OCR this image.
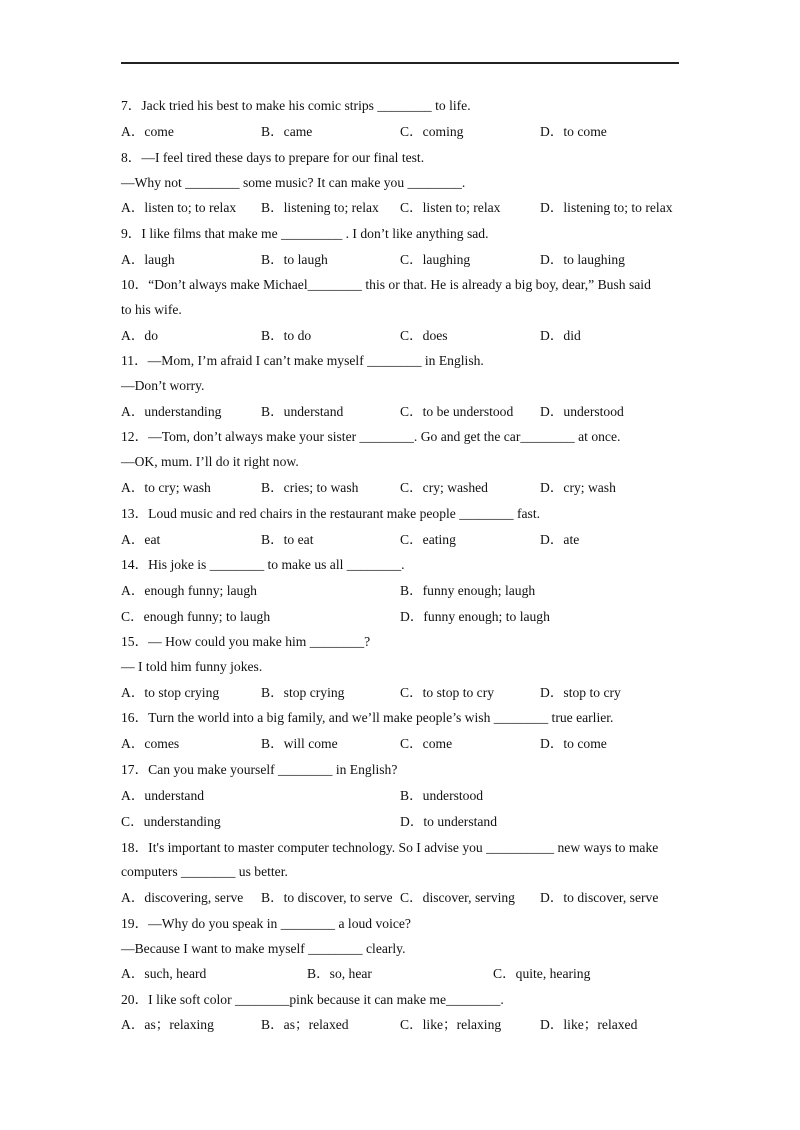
7．Jack tried his best to make his comic strips ________ to life.
A．come	B．came	C．coming	D．to come
8．—I feel tired these days to prepare for our final test.
—Why not ________ some music? It can make you ________.
A．listen to; to relax B．listening to; relax C．listen to; relax	D．listening to; to relax
9．I like films that make me _________ . I don’t like anything sad.
A．laugh	B．to laugh	C．laughing	D．to laughing
10．“Don’t always make Michael________ this or that. He is already a big boy, dear,” Bush said
to his wife.
A．do	B．to do	C．does	D．did
11．—Mom, I’m afraid I can’t make myself ________ in English.
—Don’t worry.
A．understanding	B．understand	C．to be understood D．understood
12．—Tom, don’t always make your sister ________. Go and get the car________ at once.
—OK, mum. I’ll do it right now.
A．to cry; wash	B．cries; to wash	C．cry; washed	D．cry; wash
13．Loud music and red chairs in the restaurant make people ________ fast.
A．eat	B．to eat	C．eating	D．ate
14．His joke is ________ to make us all ________.
A．enough funny; laugh	B．funny enough; laugh
C．enough funny; to laugh	D．funny enough; to laugh
15．— How could you make him ________?
— I told him funny jokes.
A．to stop crying	B．stop crying	C．to stop to cry	D．stop to cry
16．Turn the world into a big family, and we’ll make people’s wish ________ true earlier.
A．comes	B．will come	C．come	D．to come
17．Can you make yourself ________ in English?
A．understand	B．understood
C．understanding	D．to understand
18．It's important to master computer technology. So I advise you __________ new ways to make
computers ________ us better.
A．discovering, serve B．to discover, to serve C．discover, serving D．to discover, serve
19．—Why do you speak in ________ a loud voice?
—Because I want to make myself ________ clearly.
A．such, heard	B．so, hear	C．quite, hearing
20．I like soft color ________pink because it can make me________.
A．as；relaxing	B．as；relaxed	C．like；relaxing	D．like；relaxed
